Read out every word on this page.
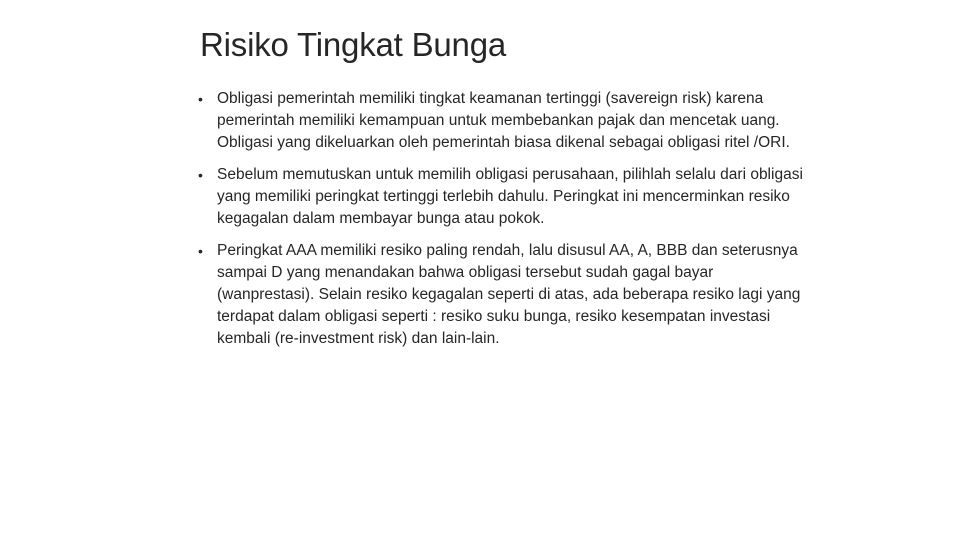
Risiko Tingkat Bunga
• Obligasi pemerintah memiliki tingkat keamanan tertinggi (savereign risk) karena pemerintah memiliki kemampuan untuk membebankan pajak dan mencetak uang. Obligasi yang dikeluarkan oleh pemerintah biasa dikenal sebagai obligasi ritel /ORI.
• Sebelum memutuskan untuk memilih obligasi perusahaan, pilihlah selalu dari obligasi yang memiliki peringkat tertinggi terlebih dahulu. Peringkat ini mencerminkan resiko kegagalan dalam membayar bunga atau pokok.
• Peringkat AAA memiliki resiko paling rendah, lalu disusul AA, A, BBB dan seterusnya sampai D yang menandakan bahwa obligasi tersebut sudah gagal bayar (wanprestasi). Selain resiko kegagalan seperti di atas, ada beberapa resiko lagi yang terdapat dalam obligasi seperti : resiko suku bunga, resiko kesempatan investasi kembali (re-investment risk) dan lain-lain.
